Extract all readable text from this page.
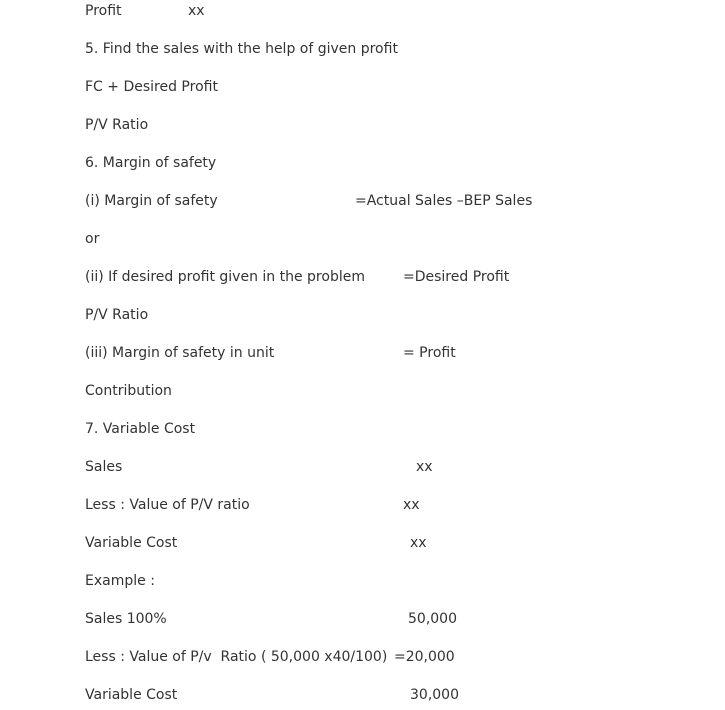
Profit	xx
5. Find the sales with the help of given profit
FC + Desired Profit
P/V Ratio
6. Margin of safety
(i) Margin of safety	=Actual Sales –BEP Sales
or
(ii) If desired profit given in the problem	=Desired Profit
P/V Ratio
(iii) Margin of safety in unit	= Profit
Contribution
7. Variable Cost
Sales	xx
Less : Value of P/V ratio	xx
Variable Cost	xx
Example :
Sales 100%	50,000
Less : Value of P/v  Ratio ( 50,000 x40/100) =20,000
Variable Cost	30,000
